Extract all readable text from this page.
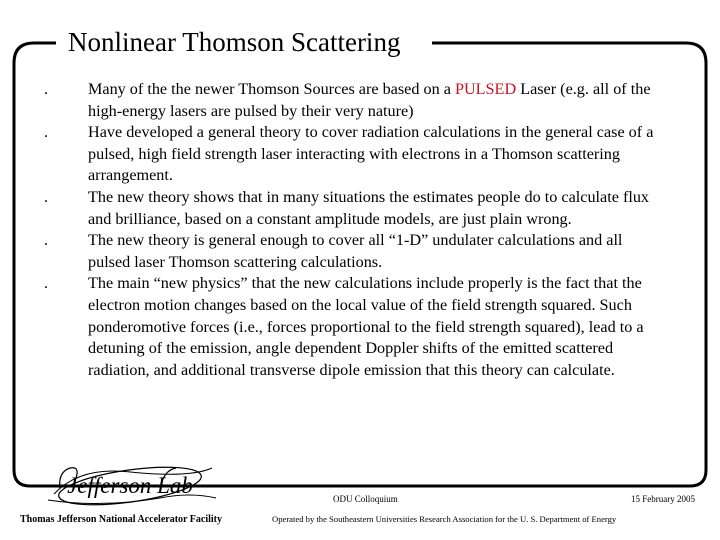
Nonlinear Thomson Scattering
. Many of the the newer Thomson Sources are based on a PULSED Laser (e.g. all of the high-energy lasers are pulsed by their very nature)
. Have developed a general theory to cover radiation calculations in the general case of a pulsed, high field strength laser interacting with electrons in a Thomson scattering arrangement.
. The new theory shows that in many situations the estimates people do to calculate flux and brilliance, based on a constant amplitude models, are just plain wrong.
. The new theory is general enough to cover all “1-D” undulater calculations and all pulsed laser Thomson scattering calculations.
. The main “new physics” that the new calculations include properly is the fact that the electron motion changes based on the local value of the field strength squared. Such ponderomotive forces (i.e., forces proportional to the field strength squared), lead to a detuning of the emission, angle dependent Doppler shifts of the emitted scattered radiation, and additional transverse dipole emission that this theory can calculate.
Jefferson Lab
Thomas Jefferson National Accelerator Facility
ODU Colloquium	15 February 2005
Operated by the Southeastern Universities Research Association for the U. S. Department of Energy
